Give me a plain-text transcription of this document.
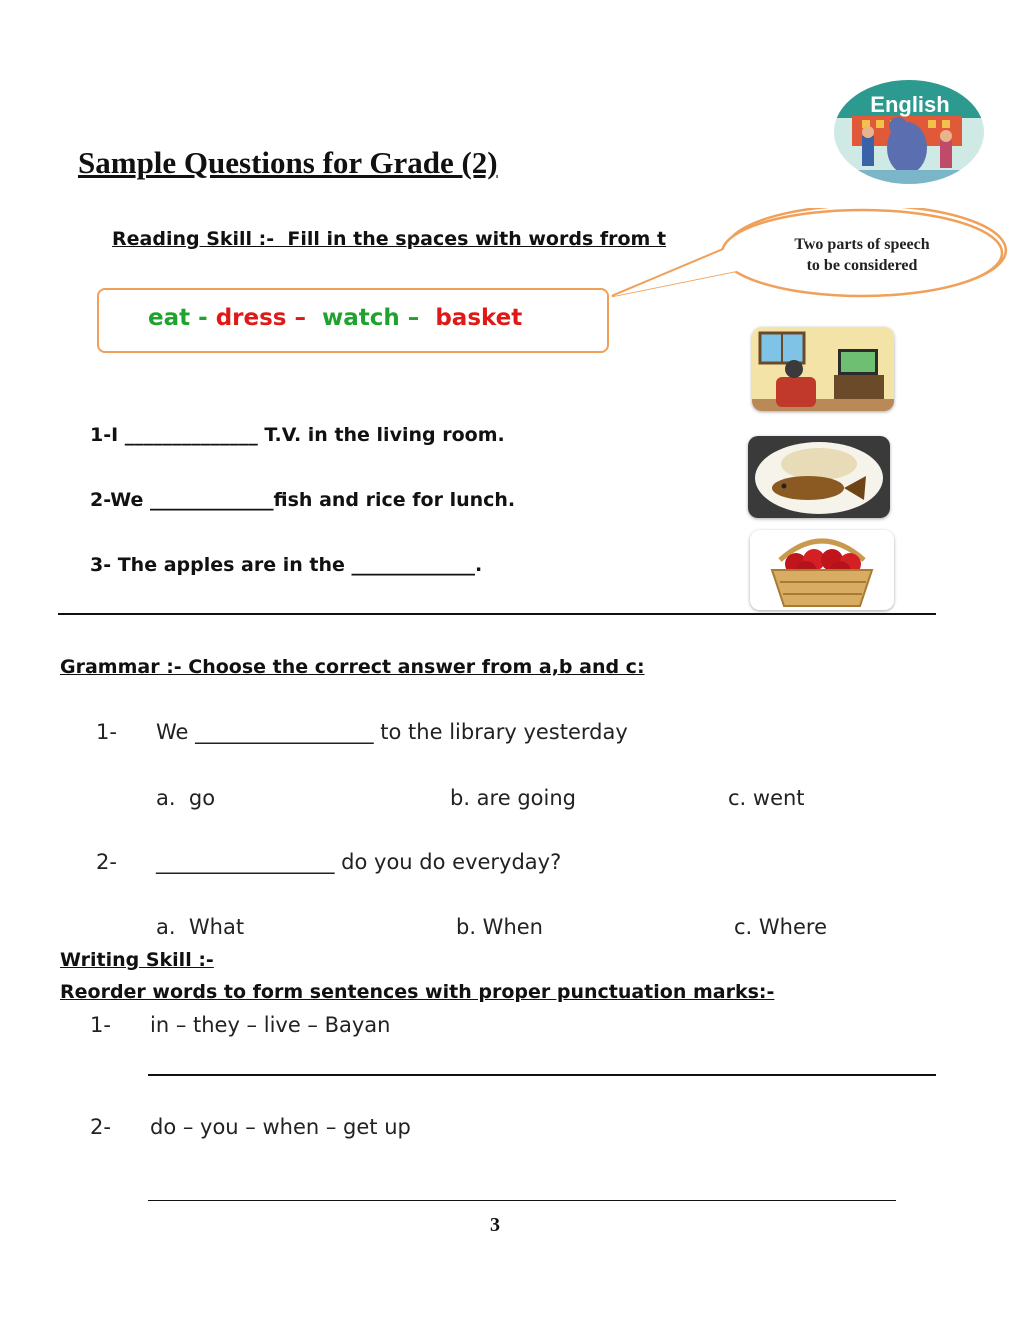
Sample Questions for Grade (2)
English
Reading Skill :-  Fill in the spaces with words from t	Two parts of speech
to be considered
eat - dress –  watch –  basket
1-I ______________ T.V. in the living room.
2-We _____________fish and rice for lunch.
3- The apples are in the _____________.
Grammar :- Choose the correct answer from a,b and c:
1- We _________________ to the library yesterday
a.  go	b. are going	c. went
2- _________________ do you do everyday?
a.  What	b. When	c. Where
Writing Skill :-
Reorder words to form sentences with proper punctuation marks:-
1- in – they – live – Bayan
2- do – you – when – get up
3
